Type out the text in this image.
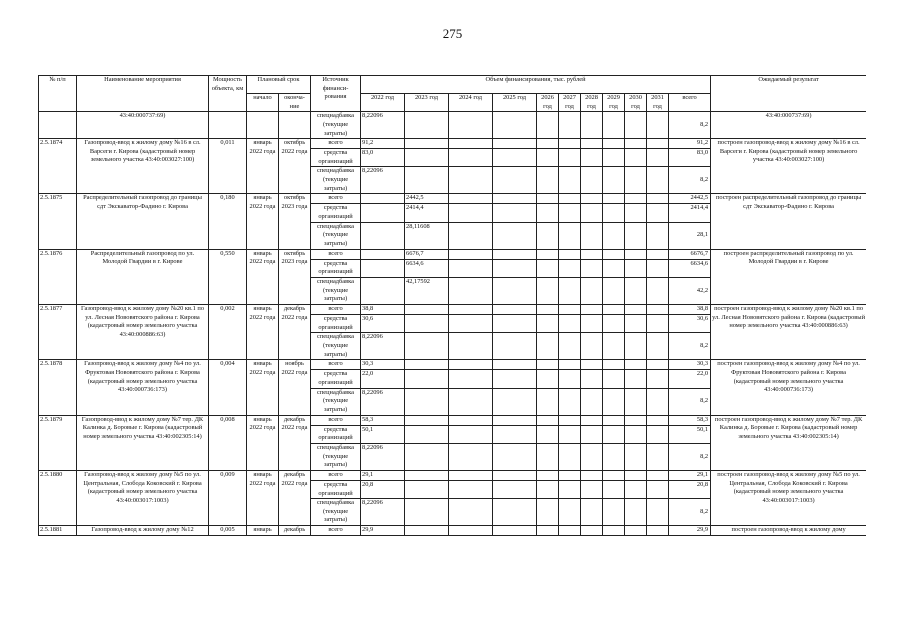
275
№ п/п	Наименование мероприятия	Мощность объекта, км	Плановый срок		Источник финанси-рования	Объем финансирования, тыс. рублей											Ожидаемый результат
			начало	оконча-ние		2022 год	2023 год	2024 год	2025 год	2026 год	2027 год	2028 год	2029 год	2030 год	2031 год	всего	
	43:40:000737:69)				спецнадбавка (текущие затраты)	8,22096										8,2	43:40:000737:69)
2.5.1874	Газопровод-ввод к жилому дому №16 в сл. Варсеги г. Кирова (кадастровый номер земельного участка 43:40:003027:100)	0,011	январь 2022 года	октябрь 2022 года	всего	91,2										91,2	построен газопровод-ввод к жилому дому №16 в сл. Варсеги г. Кирова (кадастровый номер земельного участка 43:40:003027:100)
					средства организаций	83,0										83,0	
					спецнадбавка (текущие затраты)	8,22096										8,2	
2.5.1875	Распределительный газопровод до границы сдт Экскаватор-Фадино г. Кирова	0,180	январь 2022 года	октябрь 2023 года	всего		2442,5									2442,5	построен распределительный газопровод до границы сдт Экскаватор-Фадино г. Кирова
					средства организаций		2414,4									2414,4	
					спецнадбавка (текущие затраты)		28,11608									28,1	
2.5.1876	Распределительный газопровод по ул. Молодой Гвардии в г. Кирове	0,550	январь 2022 года	октябрь 2023 года	всего		6676,7									6676,7	построен распределительный газопровод по ул. Молодой Гвардии в г. Кирове
					средства организаций		6634,6									6634,6	
					спецнадбавка (текущие затраты)		42,17592									42,2	
2.5.1877	Газопровод-ввод к жилому дому №20 кв.1 по ул. Лесная Нововятского района г. Кирова (кадастровый номер земельного участка 43:40:000886:63)	0,002	январь 2022 года	декабрь 2022 года	всего	38,8										38,8	построен газопровод-ввод к жилому дому №20 кв.1 по ул. Лесная Нововятского района г. Кирова (кадастровый номер земельного участка 43:40:000886:63)
					средства организаций	30,6										30,6	
					спецнадбавка (текущие затраты)	8,22096										8,2	
2.5.1878	Газопровод-ввод к жилому дому №4 по ул. Фруктовая Нововятского района г. Кирова (кадастровый номер земельного участка 43:40:000736:173)	0,004	январь 2022 года	ноябрь 2022 года	всего	30,3										30,3	построен газопровод-ввод к жилому дому №4 по ул. Фруктовая Нововятского района г. Кирова (кадастровый номер земельного участка 43:40:000736:173)
					средства организаций	22,0										22,0	
					спецнадбавка (текущие затраты)	8,22096										8,2	
2.5.1879	Газопровод-ввод к жилому дому №7 тер. ДК Калинка д. Боровые г. Кирова (кадастровый номер земельного участка 43:40:002305:14)	0,008	январь 2022 года	декабрь 2022 года	всего	58,3										58,3	построен газопровод-ввод к жилому дому №7 тер. ДК Калинка д. Боровые г. Кирова (кадастровый номер земельного участка 43:40:002305:14)
					средства организаций	50,1										50,1	
					спецнадбавка (текущие затраты)	8,22096										8,2	
2.5.1880	Газопровод-ввод к жилому дому №5 по ул. Центральная, Слобода Коковский г. Кирова (кадастровый номер земельного участка 43:40:003017:1003)	0,009	январь 2022 года	декабрь 2022 года	всего	29,1										29,1	построен газопровод-ввод к жилому дому №5 по ул. Центральная, Слобода Коковский г. Кирова (кадастровый номер земельного участка 43:40:003017:1003)
					средства организаций	20,8										20,8	
					спецнадбавка (текущие затраты)	8,22096										8,2	
2.5.1881	Газопровод-ввод к жилому дому №12	0,005	январь	декабрь	всего	29,9										29,9	построен газопровод-ввод к жилому дому
